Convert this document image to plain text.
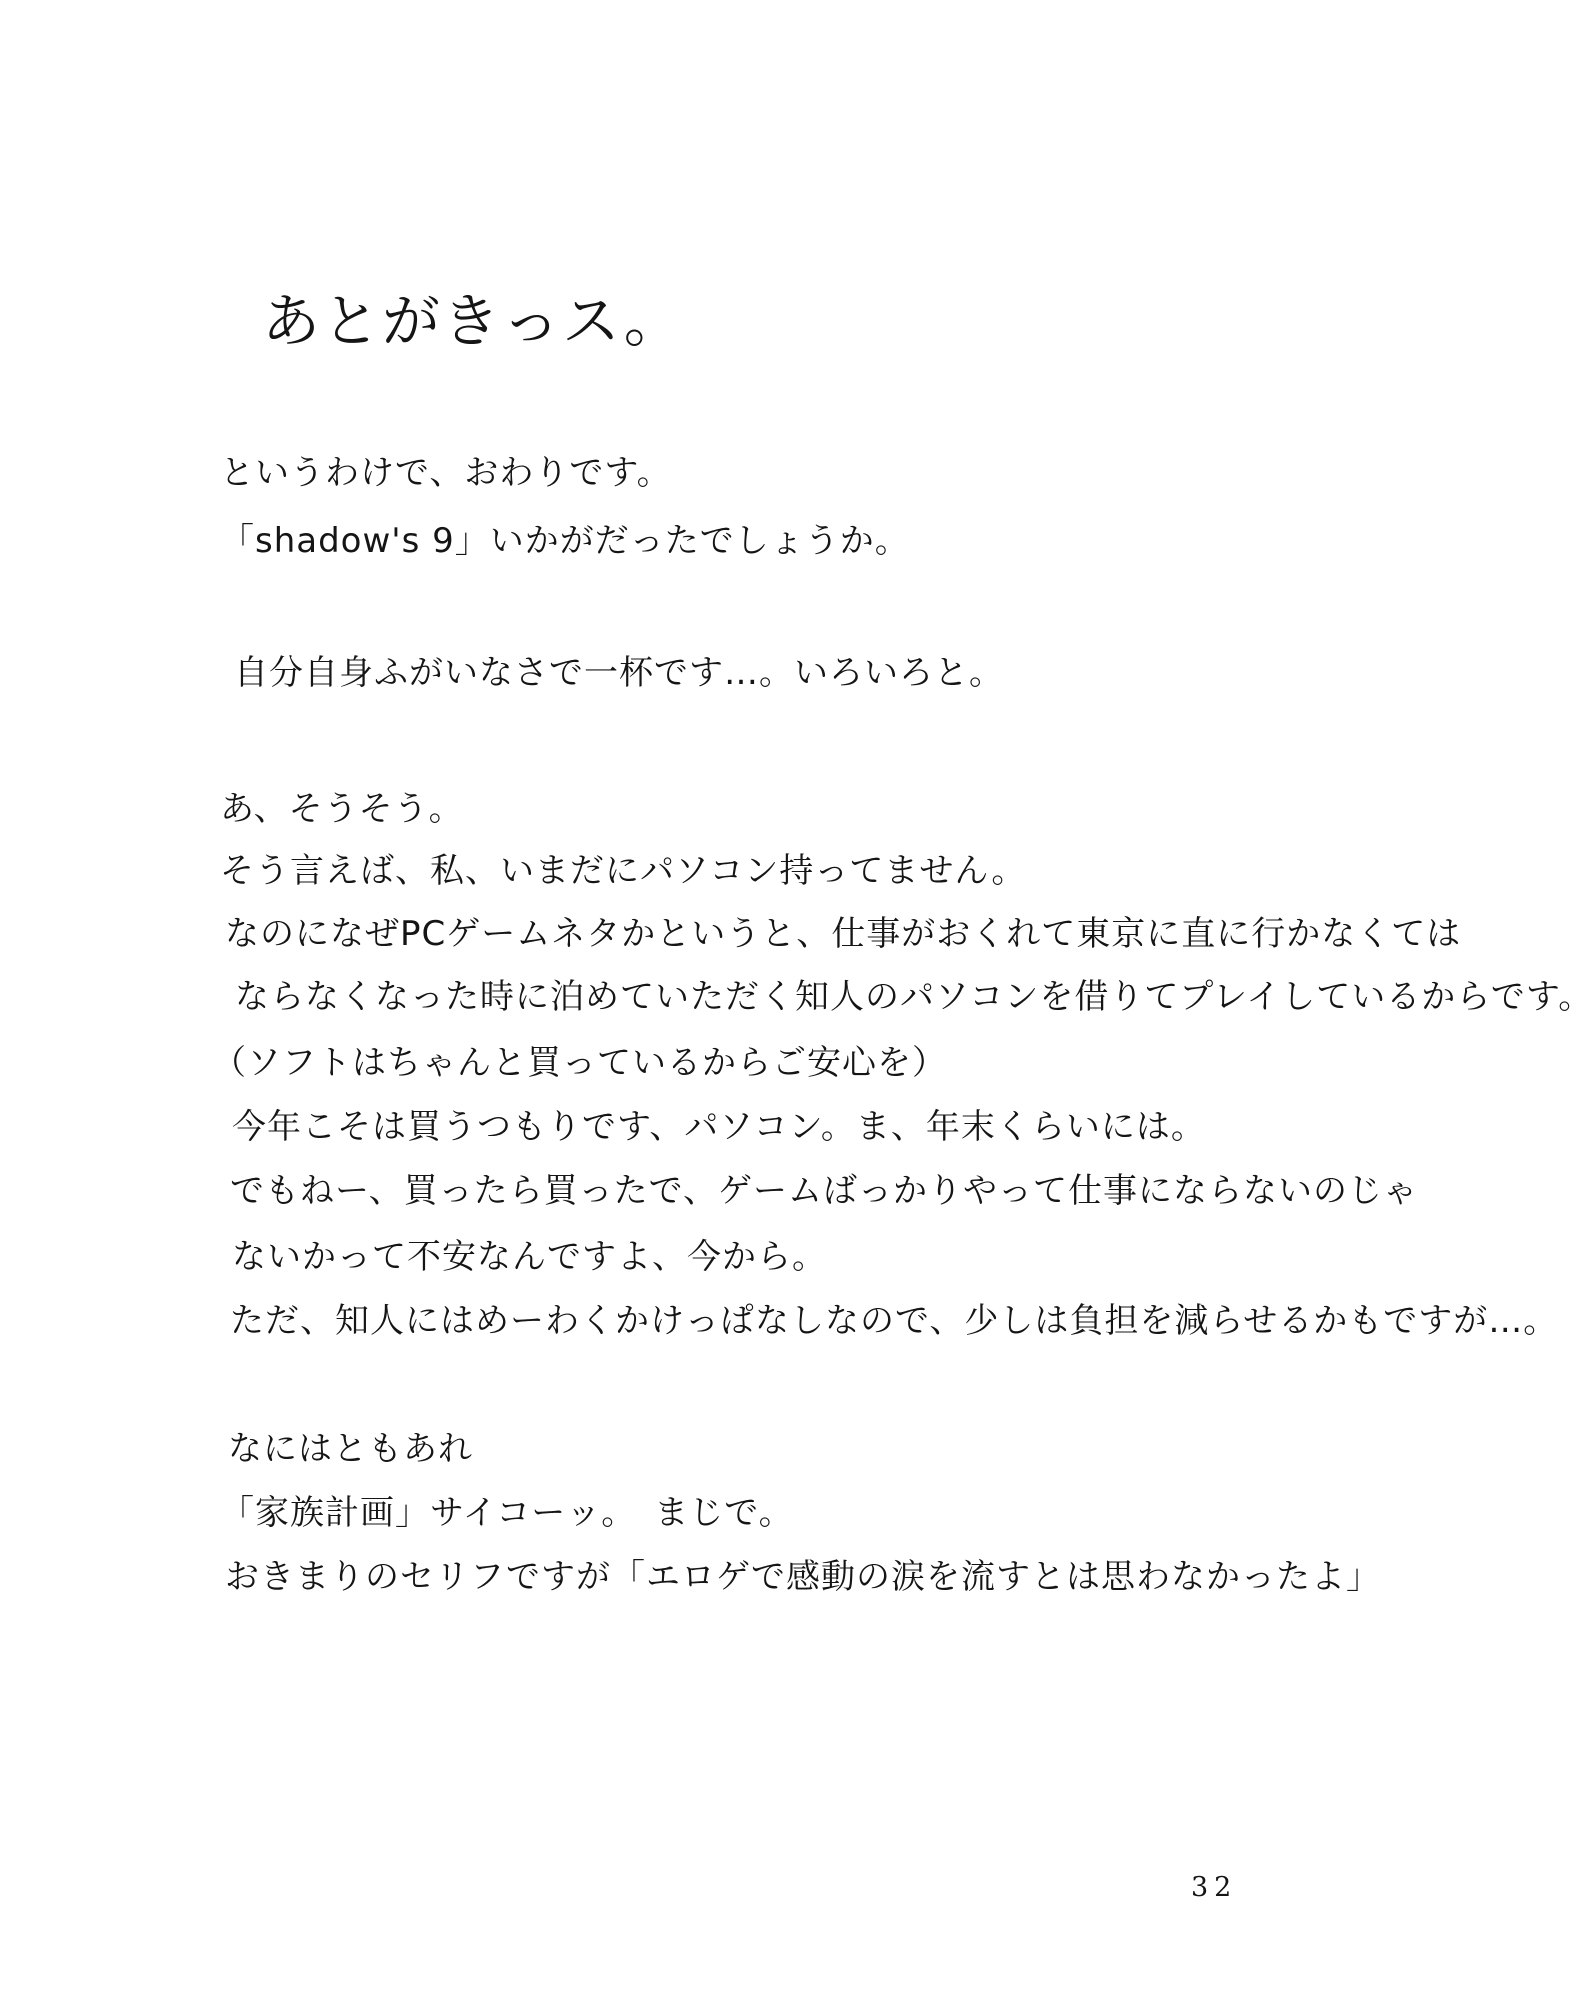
あとがきっス。
というわけで、おわりです。
「shadow's 9」いかがだったでしょうか。
自分自身ふがいなさで一杯です…。いろいろと。
あ、そうそう。
そう言えば、私、いまだにパソコン持ってません。
なのになぜPCゲームネタかというと、仕事がおくれて東京に直に行かなくては
ならなくなった時に泊めていただく知人のパソコンを借りてプレイしているからです。
（ソフトはちゃんと買っているからご安心を）
今年こそは買うつもりです、パソコン。ま、年末くらいには。
でもねー、買ったら買ったで、ゲームばっかりやって仕事にならないのじゃ
ないかって不安なんですよ、今から。
ただ、知人にはめーわくかけっぱなしなので、少しは負担を減らせるかもですが…。
なにはともあれ
「家族計画」サイコーッ。　まじで。
おきまりのセリフですが「エロゲで感動の涙を流すとは思わなかったよ」
32
